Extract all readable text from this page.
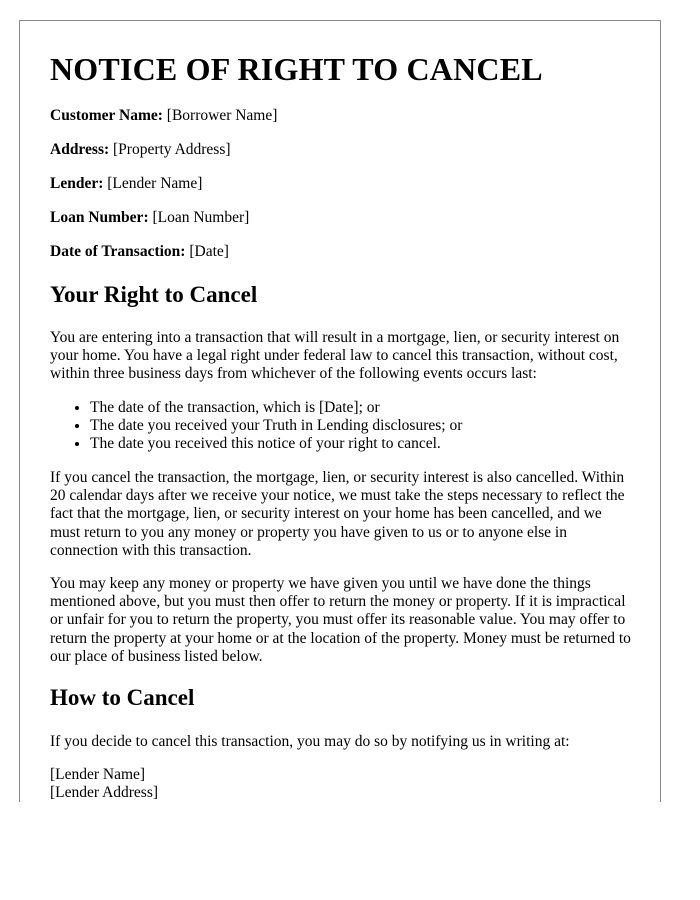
NOTICE OF RIGHT TO CANCEL
Customer Name: [Borrower Name]
Address: [Property Address]
Lender: [Lender Name]
Loan Number: [Loan Number]
Date of Transaction: [Date]
Your Right to Cancel

You are entering into a transaction that will result in a mortgage, lien, or security interest on your home. You have a legal right under federal law to cancel this transaction, without cost, within three business days from whichever of the following events occurs last:

• The date of the transaction, which is [Date]; or
• The date you received your Truth in Lending disclosures; or
• The date you received this notice of your right to cancel.

If you cancel the transaction, the mortgage, lien, or security interest is also cancelled. Within 20 calendar days after we receive your notice, we must take the steps necessary to reflect the fact that the mortgage, lien, or security interest on your home has been cancelled, and we must return to you any money or property you have given to us or to anyone else in connection with this transaction.

You may keep any money or property we have given you until we have done the things mentioned above, but you must then offer to return the money or property. If it is impractical or unfair for you to return the property, you must offer its reasonable value. You may offer to return the property at your home or at the location of the property. Money must be returned to our place of business listed below.

How to Cancel

If you decide to cancel this transaction, you may do so by notifying us in writing at:

[Lender Name]
[Lender Address]
